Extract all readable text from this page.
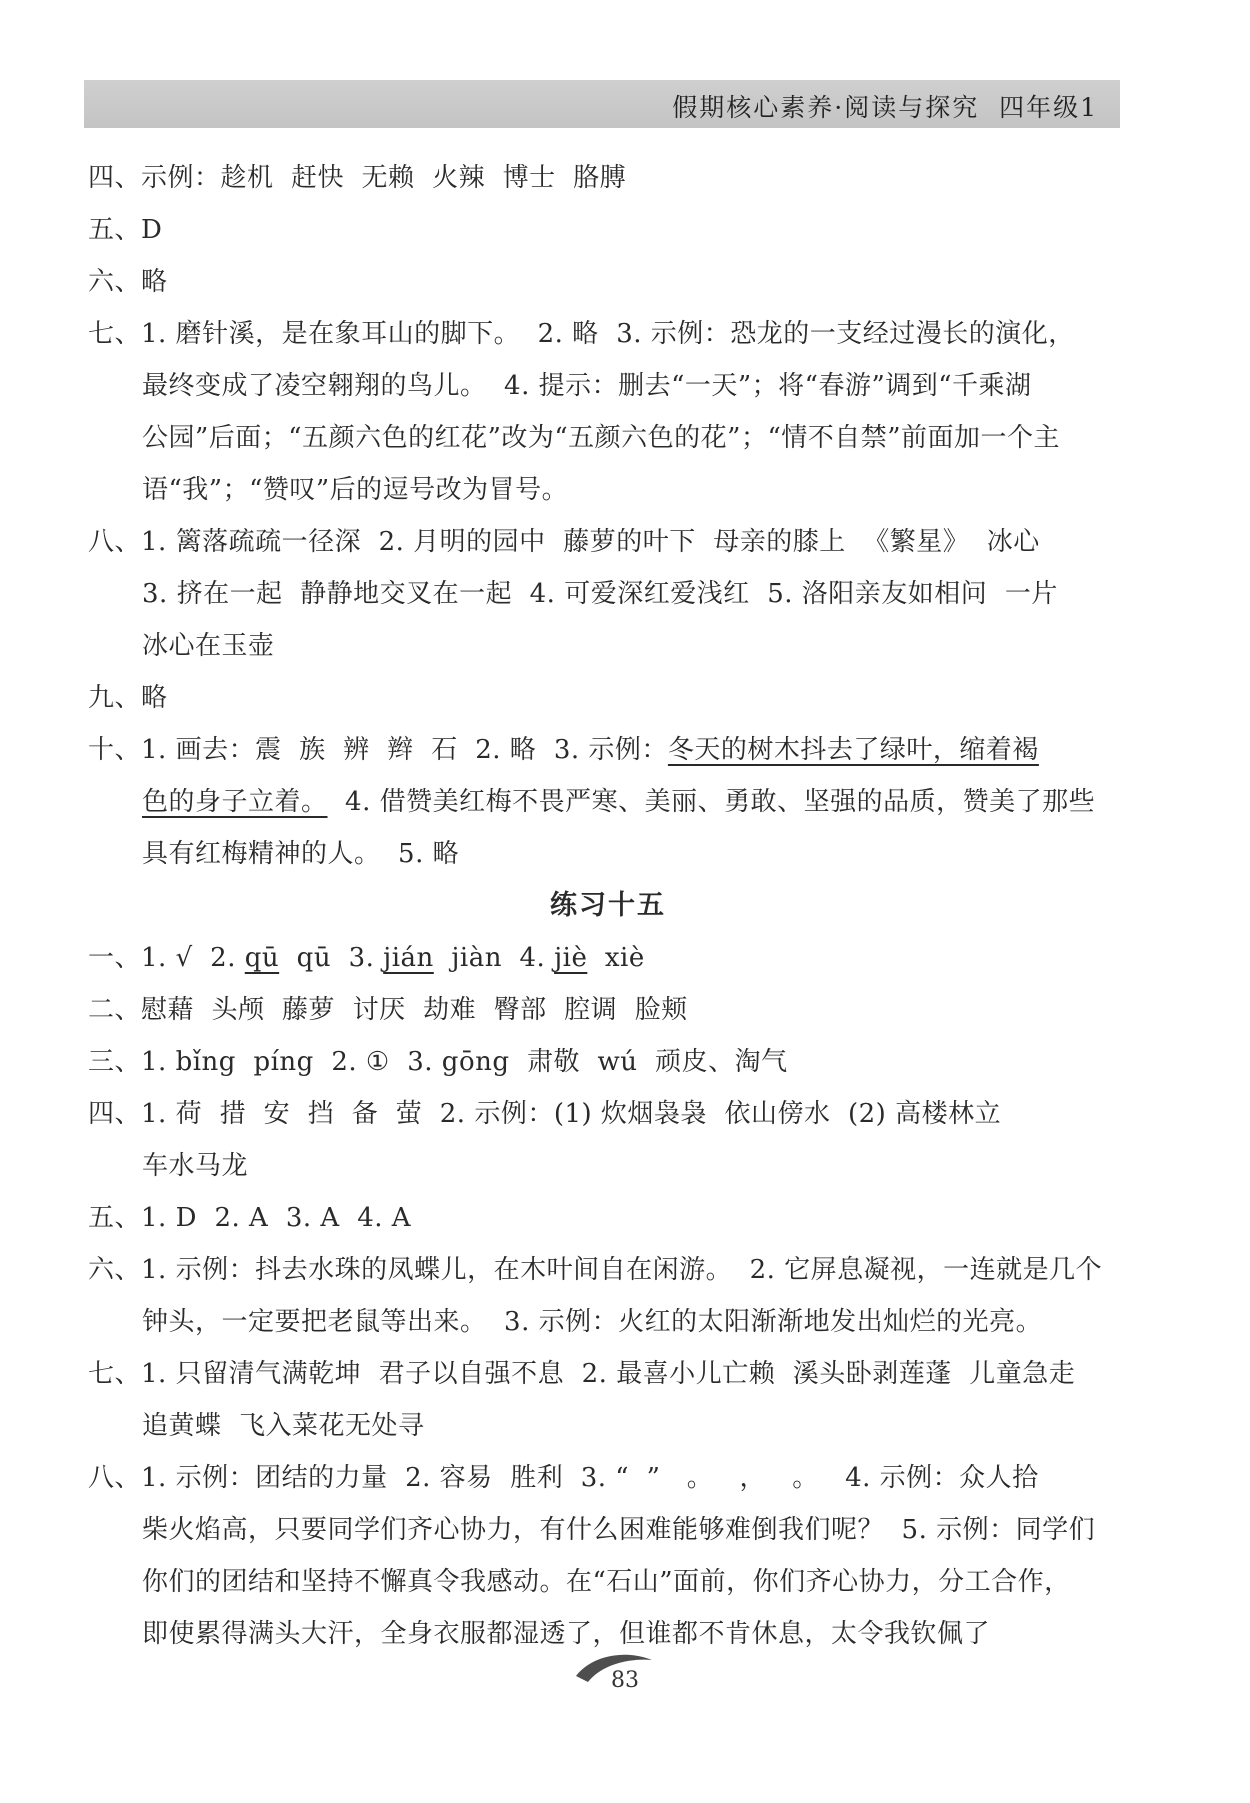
假期核心素养·阅读与探究  四年级1
四、示例：趁机  赶快  无赖  火辣  博士  胳膊
五、D
六、略
七、1. 磨针溪，是在象耳山的脚下。  2. 略  3. 示例：恐龙的一支经过漫长的演化，
最终变成了凌空翱翔的鸟儿。  4. 提示：删去“一天”；将“春游”调到“千乘湖
公园”后面；“五颜六色的红花”改为“五颜六色的花”；“情不自禁”前面加一个主
语“我”；“赞叹”后的逗号改为冒号。
八、1. 篱落疏疏一径深  2. 月明的园中  藤萝的叶下  母亲的膝上  《繁星》  冰心
3. 挤在一起  静静地交叉在一起  4. 可爱深红爱浅红  5. 洛阳亲友如相问  一片
冰心在玉壶
九、略
十、1. 画去：震  族  辨  辫  石  2. 略  3. 示例：冬天的树木抖去了绿叶，缩着褐
色的身子立着。  4. 借赞美红梅不畏严寒、美丽、勇敢、坚强的品质，赞美了那些
具有红梅精神的人。  5. 略
练习十五
一、1. √  2. qū  qū  3. jián  jiàn  4. jiè  xiè
二、慰藉  头颅  藤萝  讨厌  劫难  臀部  腔调  脸颊
三、1. bǐng  píng  2. ①  3. gōng  肃敬  wú  顽皮、淘气
四、1. 荷  措  安  挡  备  萤  2. 示例：(1) 炊烟袅袅  依山傍水  (2) 高楼林立
车水马龙
五、1. D  2. A  3. A  4. A
六、1. 示例：抖去水珠的凤蝶儿，在木叶间自在闲游。  2. 它屏息凝视，一连就是几个
钟头，一定要把老鼠等出来。  3. 示例：火红的太阳渐渐地发出灿烂的光亮。
七、1. 只留清气满乾坤  君子以自强不息  2. 最喜小儿亡赖  溪头卧剥莲蓬  儿童急走
追黄蝶  飞入菜花无处寻
八、1. 示例：团结的力量  2. 容易  胜利  3. “  ”   。   ，   。   4. 示例：众人拾
柴火焰高，只要同学们齐心协力，有什么困难能够难倒我们呢？  5. 示例：同学们
你们的团结和坚持不懈真令我感动。在“石山”面前，你们齐心协力，分工合作，
即使累得满头大汗，全身衣服都湿透了，但谁都不肯休息，太令我钦佩了
83
